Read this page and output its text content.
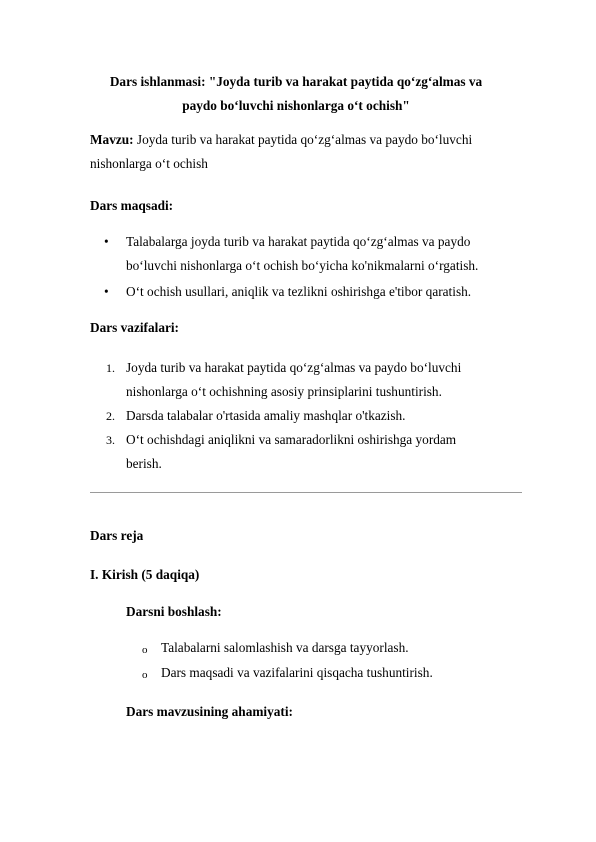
Dars ishlanmasi: "Joyda turib va harakat paytida qo‘zg‘almas va
paydo bo‘luvchi nishonlarga o‘t ochish"
Mavzu: Joyda turib va harakat paytida qo‘zg‘almas va paydo bo‘luvchi
nishonlarga o‘t ochish
Dars maqsadi:
• Talabalarga joyda turib va harakat paytida qo‘zg‘almas va paydo
bo‘luvchi nishonlarga o‘t ochish bo‘yicha ko'nikmalarni o‘rgatish.
• O‘t ochish usullari, aniqlik va tezlikni oshirishga e'tibor qaratish.
Dars vazifalari:
1. Joyda turib va harakat paytida qo‘zg‘almas va paydo bo‘luvchi
nishonlarga o‘t ochishning asosiy prinsiplarini tushuntirish.
2. Darsda talabalar o'rtasida amaliy mashqlar o'tkazish.
3. O‘t ochishdagi aniqlikni va samaradorlikni oshirishga yordam
berish.
Dars reja
I. Kirish (5 daqiqa)
Darsni boshlash:
o Talabalarni salomlashish va darsga tayyorlash.
o Dars maqsadi va vazifalarini qisqacha tushuntirish.
Dars mavzusining ahamiyati:
